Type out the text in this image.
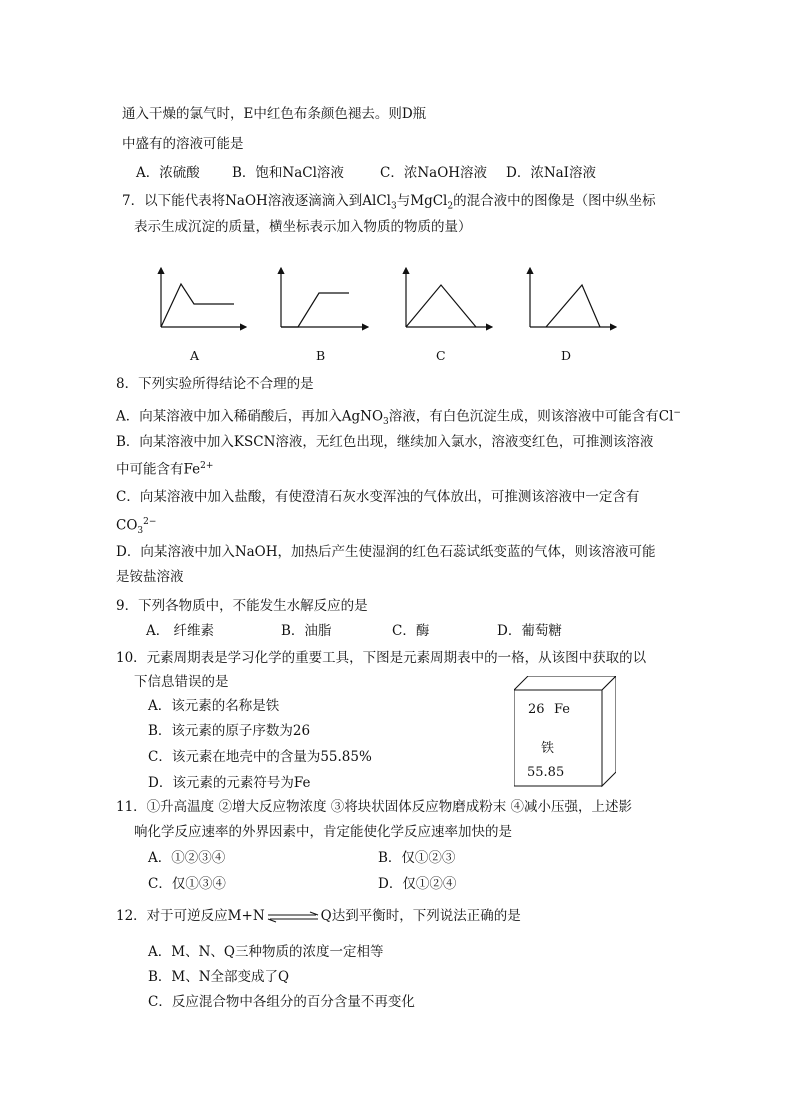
通入干燥的氯气时，E中红色布条颜色褪去。则D瓶
中盛有的溶液可能是
A．浓硫酸 B．饱和NaCl溶液	C．浓NaOH溶液 D．浓NaI溶液
7．以下能代表将NaOH溶液逐滴滴入到AlCl$_3$与MgCl$_2$的混合液中的图像是（图中纵坐标
表示生成沉淀的质量，横坐标表示加入物质的物质的量）
A	B	C	D
8．下列实验所得结论不合理的是
A．向某溶液中加入稀硝酸后，再加入AgNO$_3$溶液，有白色沉淀生成，则该溶液中可能含有Cl−
B．向某溶液中加入KSCN溶液，无红色出现，继续加入氯水，溶液变红色，可推测该溶液
中可能含有$Fe^{2+}$
C．向某溶液中加入盐酸，有使澄清石灰水变浑浊的气体放出，可推测该溶液中一定含有
$CO_3^{2-}$
D．向某溶液中加入NaOH，加热后产生使湿润的红色石蕊试纸变蓝的气体，则该溶液可能
是铵盐溶液
9．下列各物质中，不能发生水解反应的是
A． 纤维素	B．油脂	C．酶	D．葡萄糖
10．元素周期表是学习化学的重要工具，下图是元素周期表中的一格，从该图中获取的以
下信息错误的是
A．该元素的名称是铁
B．该元素的原子序数为26
C．该元素在地壳中的含量为55.85%
D．该元素的元素符号为Fe
26 Fe
铁
55.85
11．①升高温度 ②增大反应物浓度 ③将块状固体反应物磨成粉末 ④减小压强，上述影
响化学反应速率的外界因素中，肯定能使化学反应速率加快的是
A．①②③④	B．仅①②③
C．仅①③④	D．仅①②④
12．对于可逆反应M+N⇌Q达到平衡时，下列说法正确的是
A．M、N、Q三种物质的浓度一定相等
B．M、N全部变成了Q
C．反应混合物中各组分的百分含量不再变化
